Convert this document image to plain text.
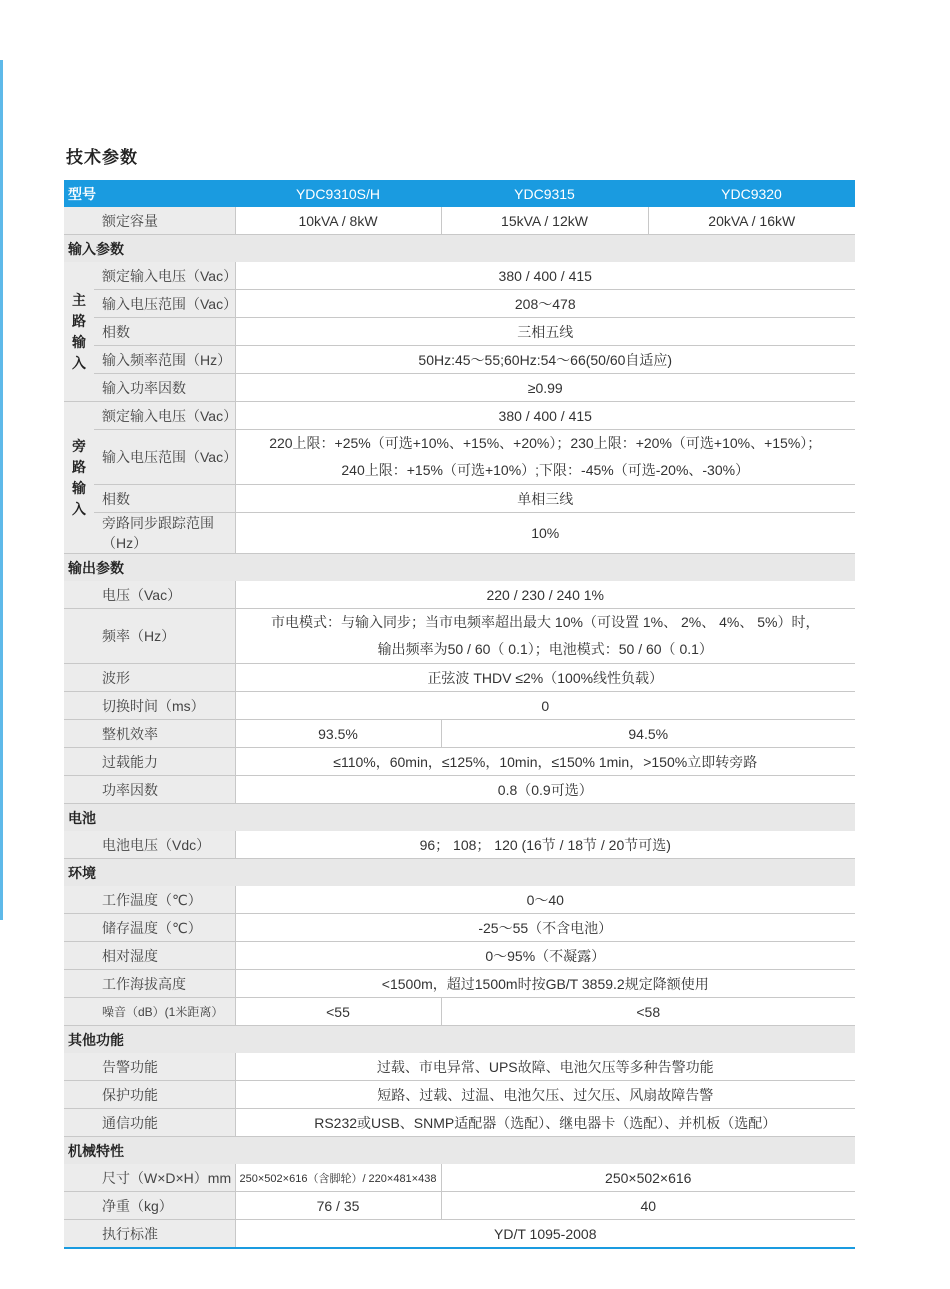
技术参数
型号		YDC9310S/H	YDC9315	YDC9320
	额定容量	10kVA / 8kW	15kVA / 12kW	20kVA / 16kW
输入参数				
主
路
输
入	额定输入电压（Vac）	380 / 400 / 415		
	输入电压范围（Vac）	208～478		
	相数	三相五线		
	输入频率范围（Hz）	50Hz:45～55;60Hz:54～66(50/60自适应)		
	输入功率因数	≥0.99		
旁
路
输
入	额定输入电压（Vac）	380 / 400 / 415		
	输入电压范围（Vac）	220上限：+25%（可选+10%、+15%、+20%）；230上限：+20%（可选+10%、+15%）；
240上限：+15%（可选+10%）;下限：-45%（可选-20%、-30%）		

	相数	单相三线		
	旁路同步跟踪范围（Hz）	10%		
输出参数				
电压（Vac）		220 / 230 / 240 1%		
频率（Hz）		市电模式：与输入同步；当市电频率超出最大 10%（可设置 1%、 2%、 4%、 5%）时，
输出频率为50 / 60（ 0.1）；电池模式：50 / 60（ 0.1）		

波形		正弦波 THDV ≤2%（100%线性负载）		
切换时间（ms）		0		
整机效率		93.5%	94.5%	
过载能力		≤110%，60min，≤125%，10min，≤150% 1min，>150%立即转旁路		
功率因数		0.8（0.9可选）		
电池				
电池电压（Vdc）		96； 108； 120 (16节 / 18节 / 20节可选)		
环境				
工作温度（℃）		0～40		
储存温度（℃）		-25～55（不含电池）		
相对湿度		0～95%（不凝露）		
工作海拔高度		<1500m，超过1500m时按GB/T 3859.2规定降额使用		
噪音（dB）(1米距离）		<55	<58	
其他功能				
告警功能		过载、市电异常、UPS故障、电池欠压等多种告警功能		
保护功能		短路、过载、过温、电池欠压、过欠压、风扇故障告警		
通信功能		RS232或USB、SNMP适配器（选配）、继电器卡（选配）、并机板（选配）		
机械特性				
尺寸（W×D×H）mm		250×502×616（含脚轮）/ 220×481×438	250×502×616	
净重（kg）		76 / 35	40	
执行标准		YD/T 1095-2008		
